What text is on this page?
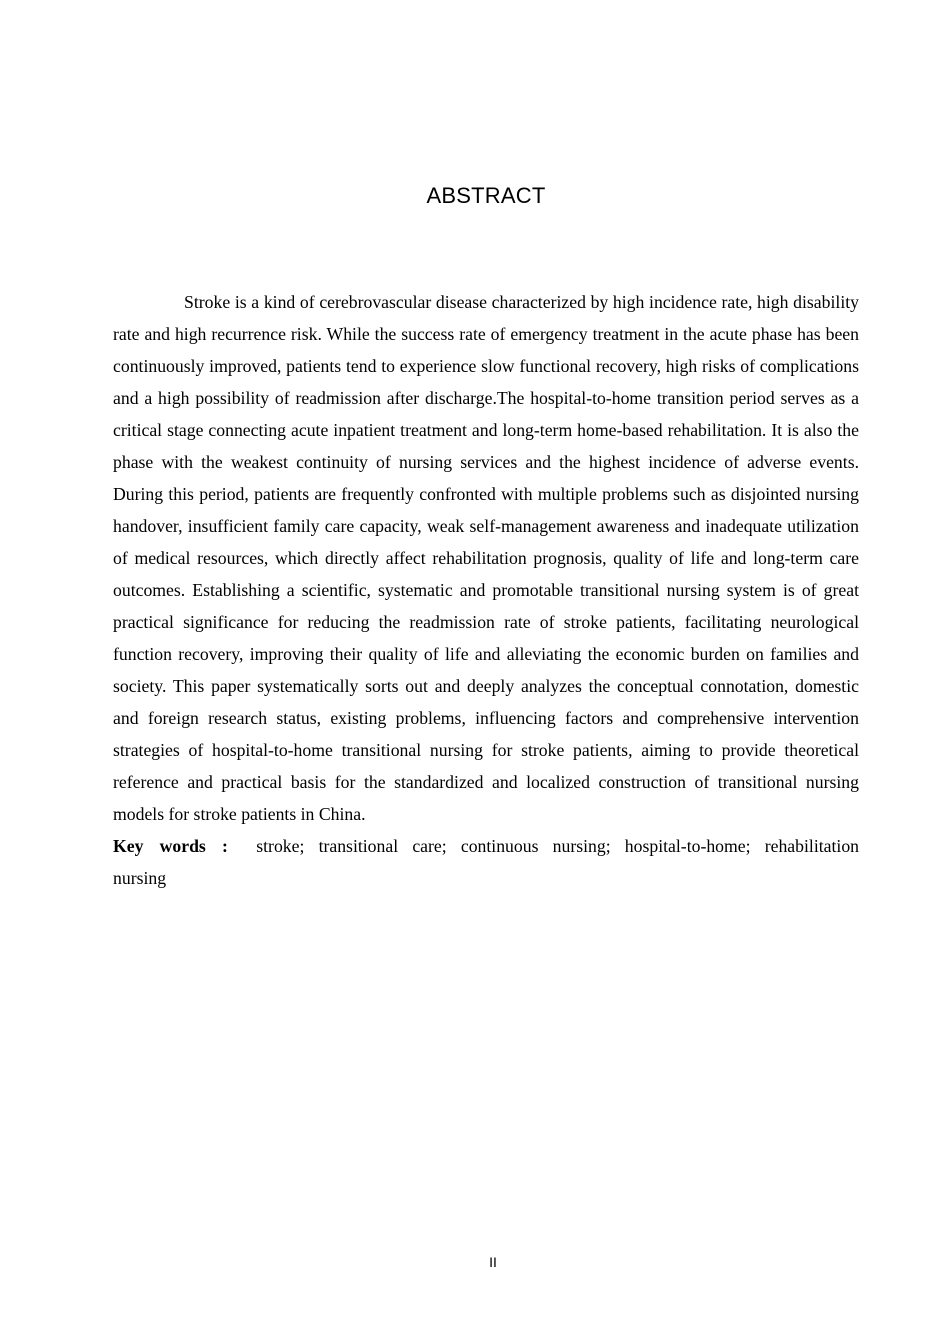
ABSTRACT

Stroke is a kind of cerebrovascular disease characterized by high incidence rate, high disability rate and high recurrence risk. While the success rate of emergency treatment in the acute phase has been continuously improved, patients tend to experience slow functional recovery, high risks of complications and a high possibility of readmission after discharge.The hospital-to-home transition period serves as a critical stage connecting acute inpatient treatment and long-term home-based rehabilitation. It is also the phase with the weakest continuity of nursing services and the highest incidence of adverse events. During this period, patients are frequently confronted with multiple problems such as disjointed nursing handover, insufficient family care capacity, weak self-management awareness and inadequate utilization of medical resources, which directly affect rehabilitation prognosis, quality of life and long-term care outcomes. Establishing a scientific, systematic and promotable transitional nursing system is of great practical significance for reducing the readmission rate of stroke patients, facilitating neurological function recovery, improving their quality of life and alleviating the economic burden on families and society. This paper systematically sorts out and deeply analyzes the conceptual connotation, domestic and foreign research status, existing problems, influencing factors and comprehensive intervention strategies of hospital-to-home transitional nursing for stroke patients, aiming to provide theoretical reference and practical basis for the standardized and localized construction of transitional nursing models for stroke patients in China.

Key words : stroke; transitional care; continuous nursing; hospital-to-home; rehabilitation nursing

II
